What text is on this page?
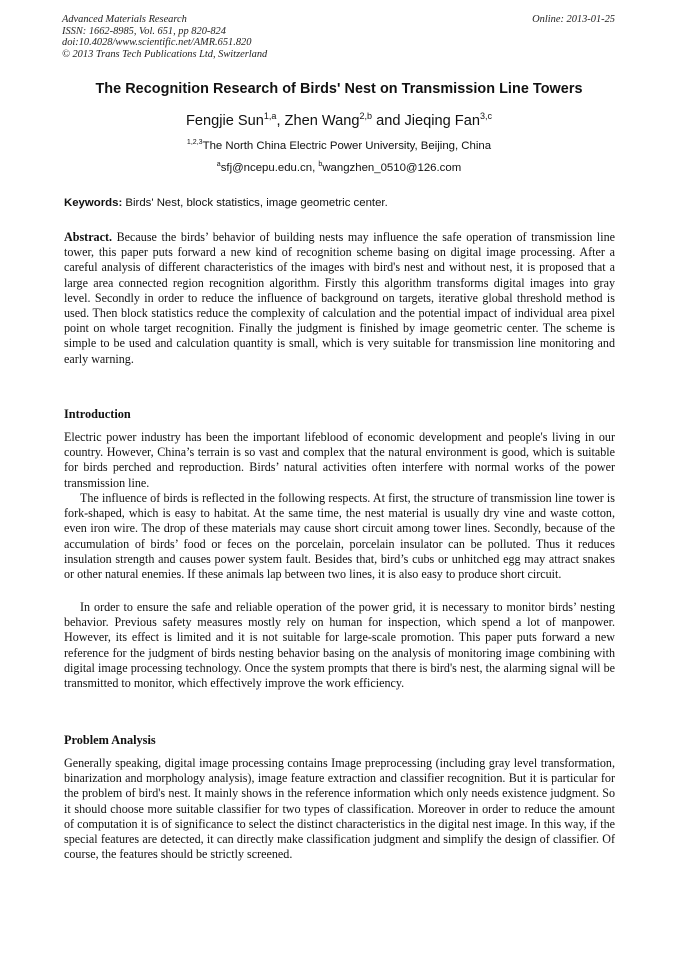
Advanced Materials Research
ISSN: 1662-8985, Vol. 651, pp 820-824
doi:10.4028/www.scientific.net/AMR.651.820
© 2013 Trans Tech Publications Ltd, Switzerland
Online: 2013-01-25
The Recognition Research of Birds' Nest on Transmission Line Towers
Fengjie Sun$^{1,a}$, Zhen Wang$^{2,b}$ and Jieqing Fan$^{3,c}$
$^{1,2,3}$The North China Electric Power University, Beijing, China
$^a$sfj@ncepu.edu.cn, $^b$wangzhen_0510@126.com
Keywords: Birds' Nest, block statistics, image geometric center.
Abstract. Because the birds’ behavior of building nests may influence the safe operation of transmission line tower, this paper puts forward a new kind of recognition scheme basing on digital image processing. After a careful analysis of different characteristics of the images with bird's nest and without nest, it is proposed that a large area connected region recognition algorithm. Firstly this algorithm transforms digital images into gray level. Secondly in order to reduce the influence of background on targets, iterative global threshold method is used. Then block statistics reduce the complexity of calculation and the potential impact of individual area pixel point on whole target recognition. Finally the judgment is finished by image geometric center. The scheme is simple to be used and calculation quantity is small, which is very suitable for transmission line monitoring and early warning.
Introduction
Electric power industry has been the important lifeblood of economic development and people's living in our country. However, China’s terrain is so vast and complex that the natural environment is good, which is suitable for birds perched and reproduction. Birds’ natural activities often interfere with normal works of the power transmission line.
The influence of birds is reflected in the following respects. At first, the structure of transmission line tower is fork-shaped, which is easy to habitat. At the same time, the nest material is usually dry vine and waste cotton, even iron wire. The drop of these materials may cause short circuit among tower lines. Secondly, because of the accumulation of birds’ food or feces on the porcelain, porcelain insulator can be polluted. Thus it reduces insulation strength and causes power system fault. Besides that, bird’s cubs or unhitched egg may attract snakes or other natural enemies. If these animals lap between two lines, it is also easy to produce short circuit.
In order to ensure the safe and reliable operation of the power grid, it is necessary to monitor birds’ nesting behavior. Previous safety measures mostly rely on human for inspection, which spend a lot of manpower. However, its effect is limited and it is not suitable for large-scale promotion. This paper puts forward a new reference for the judgment of birds nesting behavior basing on the analysis of monitoring image combining with digital image processing technology. Once the system prompts that there is bird's nest, the alarming signal will be transmitted to monitor, which effectively improve the work efficiency.
Problem Analysis
Generally speaking, digital image processing contains Image preprocessing (including gray level transformation, binarization and morphology analysis), image feature extraction and classifier recognition. But it is particular for the problem of bird's nest. It mainly shows in the reference information which only needs existence judgment. So it should choose more suitable classifier for two types of classification. Moreover in order to reduce the amount of computation it is of significance to select the distinct characteristics in the digital nest image. In this way, if the special features are detected, it can directly make classification judgment and simplify the design of classifier. Of course, the features should be strictly screened.
